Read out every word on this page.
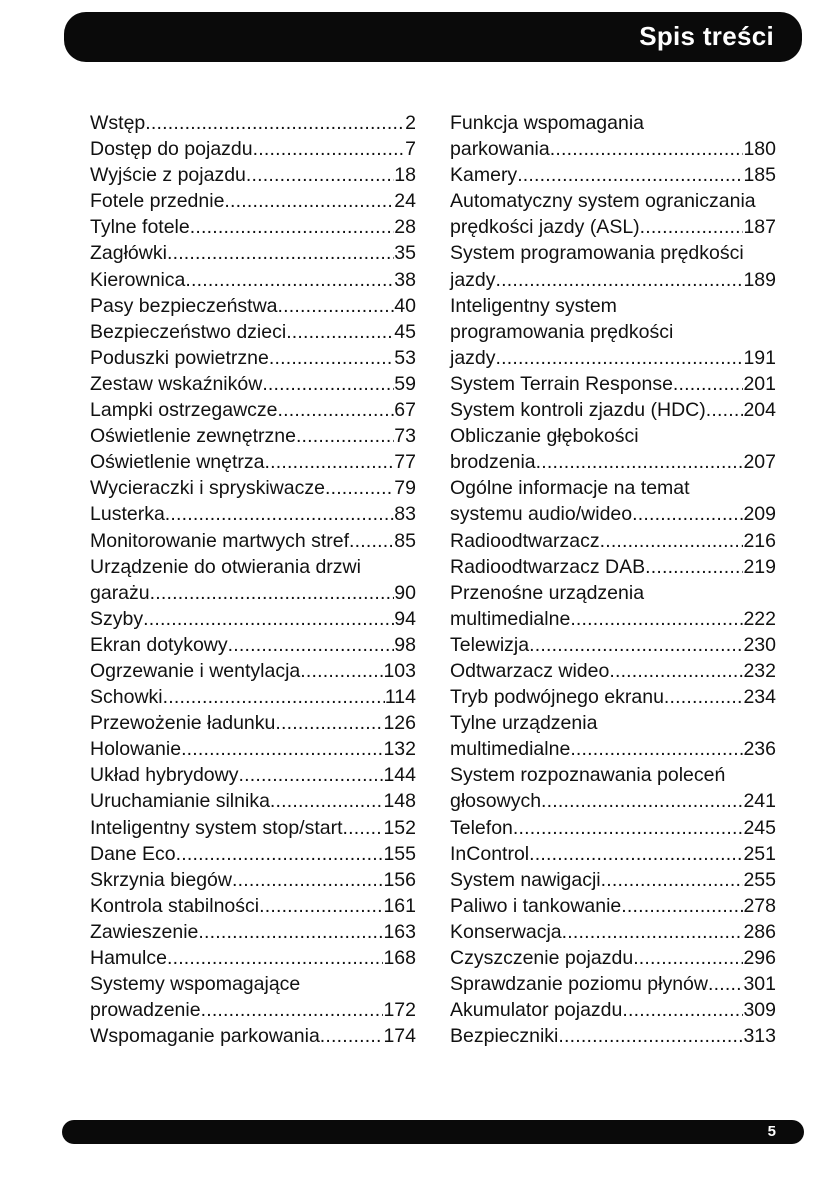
Spis treści
Wstęp .....	2
Dostęp do pojazdu .....	7
Wyjście z pojazdu .....	18
Fotele przednie .....	24
Tylne fotele .....	28
Zagłówki .....	35
Kierownica .....	38
Pasy bezpieczeństwa .....	40
Bezpieczeństwo dzieci .....	45
Poduszki powietrzne .....	53
Zestaw wskaźników .....	59
Lampki ostrzegawcze .....	67
Oświetlenie zewnętrzne .....	73
Oświetlenie wnętrza .....	77
Wycieraczki i spryskiwacze .....	79
Lusterka .....	83
Monitorowanie martwych stref ..... 85
Urządzenie do otwierania drzwi
garażu .....	90
Szyby .....	94
Ekran dotykowy .....	98
Ogrzewanie i wentylacja .....	103
Schowki .....	114
Przewożenie ładunku .....	126
Holowanie .....	132
Układ hybrydowy .....	144
Uruchamianie silnika .....	148
Inteligentny system stop/start ..... 152
Dane Eco .....	155
Skrzynia biegów .....	156
Kontrola stabilności .....	161
Zawieszenie .....	163
Hamulce .....	168
Systemy wspomagające
prowadzenie .....	172
Wspomaganie parkowania .....	174
Funkcja wspomagania
parkowania .....	180
Kamery .....	185
Automatyczny system ograniczania
prędkości jazdy (ASL) .....	187
System programowania prędkości
jazdy .....	189
Inteligentny system
programowania prędkości
jazdy .....	191
System Terrain Response .....	201
System kontroli zjazdu (HDC) ..... 204
Obliczanie głębokości
brodzenia .....	207
Ogólne informacje na temat
systemu audio/wideo .....	209
Radioodtwarzacz .....	216
Radioodtwarzacz DAB .....	219
Przenośne urządzenia
multimedialne .....	222
Telewizja .....	230
Odtwarzacz wideo .....	232
Tryb podwójnego ekranu .....	234
Tylne urządzenia
multimedialne .....	236
System rozpoznawania poleceń
głosowych .....	241
Telefon .....	245
InControl .....	251
System nawigacji .....	255
Paliwo i tankowanie .....	278
Konserwacja .....	286
Czyszczenie pojazdu .....	296
Sprawdzanie poziomu płynów ..... 301
Akumulator pojazdu .....	309
Bezpieczniki .....	313
5
